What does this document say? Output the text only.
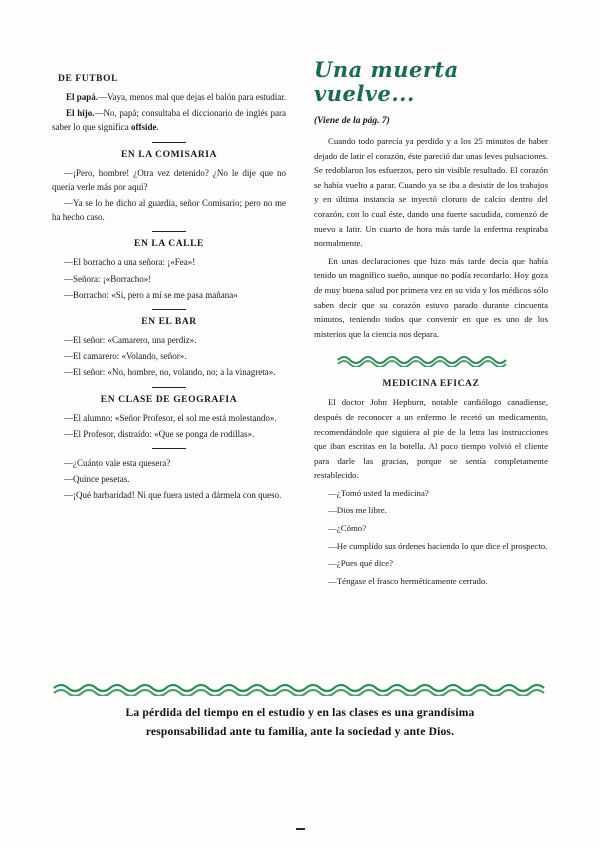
DE FUTBOL

El papá.—Vaya, menos mal que dejas el balón para estudiar.

El hijo.—No, papá; consultaba el diccionario de inglés para saber lo que significa offside.

EN LA COMISARIA

—¡Pero, hombre! ¿Otra vez detenido? ¿No le dije que no quería verle más por aquí?

—Ya se lo he dicho al guardia, señor Comisario; pero no me ha hecho caso.

EN LA CALLE

—El borracho a una señora: ¡«Fea»!

—Señora: ¡«Borracho»!

—Borracho: «Sí, pero a mí se me pasa mañana»

EN EL BAR

—El señor: «Camarero, una perdiz».

—El camarero: «Volando, señor».

—El señor: «No, hombre, no, volando, no; a la vinagreta».

EN CLASE DE GEOGRAFIA

—El alumno: «Señor Profesor, el sol me está molestando».

—El Profesor, distraído: «Que se ponga de rodillas».

—¿Cuánto vale esta quesera?

—Quince pesetas.

—¡Qué barbaridad! Ni que fuera usted a dármela con queso.

Una muerta vuelve...

(Viene de la pág. 7)

Cuando todo parecía ya perdido y a los 25 minutos de haber dejado de latir el corazón, éste pareció dar unas leves pulsaciones. Se redoblaron los esfuerzos, pero sin visible resultado. El corazón se había vuelto a parar. Cuando ya se iba a desistir de los trabajos y en última instancia se inyectó cloruro de calcio dentro del corazón, con lo cual éste, dando una fuerte sacudida, comenzó de nuevo a latir. Un cuarto de hora más tarde la enferma respiraba normalmente.

En unas declaraciones que hizo más tarde decía que había tenido un magnífico sueño, aunque no podía recordarlo. Hoy goza de muy buena salud por primera vez en su vida y los médicos sólo saben decir que su corazón estuvo parado durante cincuenta minutos, teniendo todos que convenir en que es uno de los misterios que la ciencia nos depara.

MEDICINA EFICAZ

El doctor John Hepburn, notable cardiólogo canadiense, después de reconocer a un enfermo le recetó un medicamento, recomendándole que siguiera al pie de la letra las instrucciones que iban escritas en la botella. Al poco tiempo volvió el cliente para darle las gracias, porque se sentía completamente restablecido.

—¿Tomó usted la medicina?

—Dios me libre.

—¿Cómo?

—He cumplido sus órdenes haciendo lo que dice el prospecto.

—¿Pues qué dice?

—Téngase el frasco herméticamente cerrado.

La pérdida del tiempo en el estudio y en las clases es una grandísima
responsabilidad ante tu familia, ante la sociedad y ante Dios.
